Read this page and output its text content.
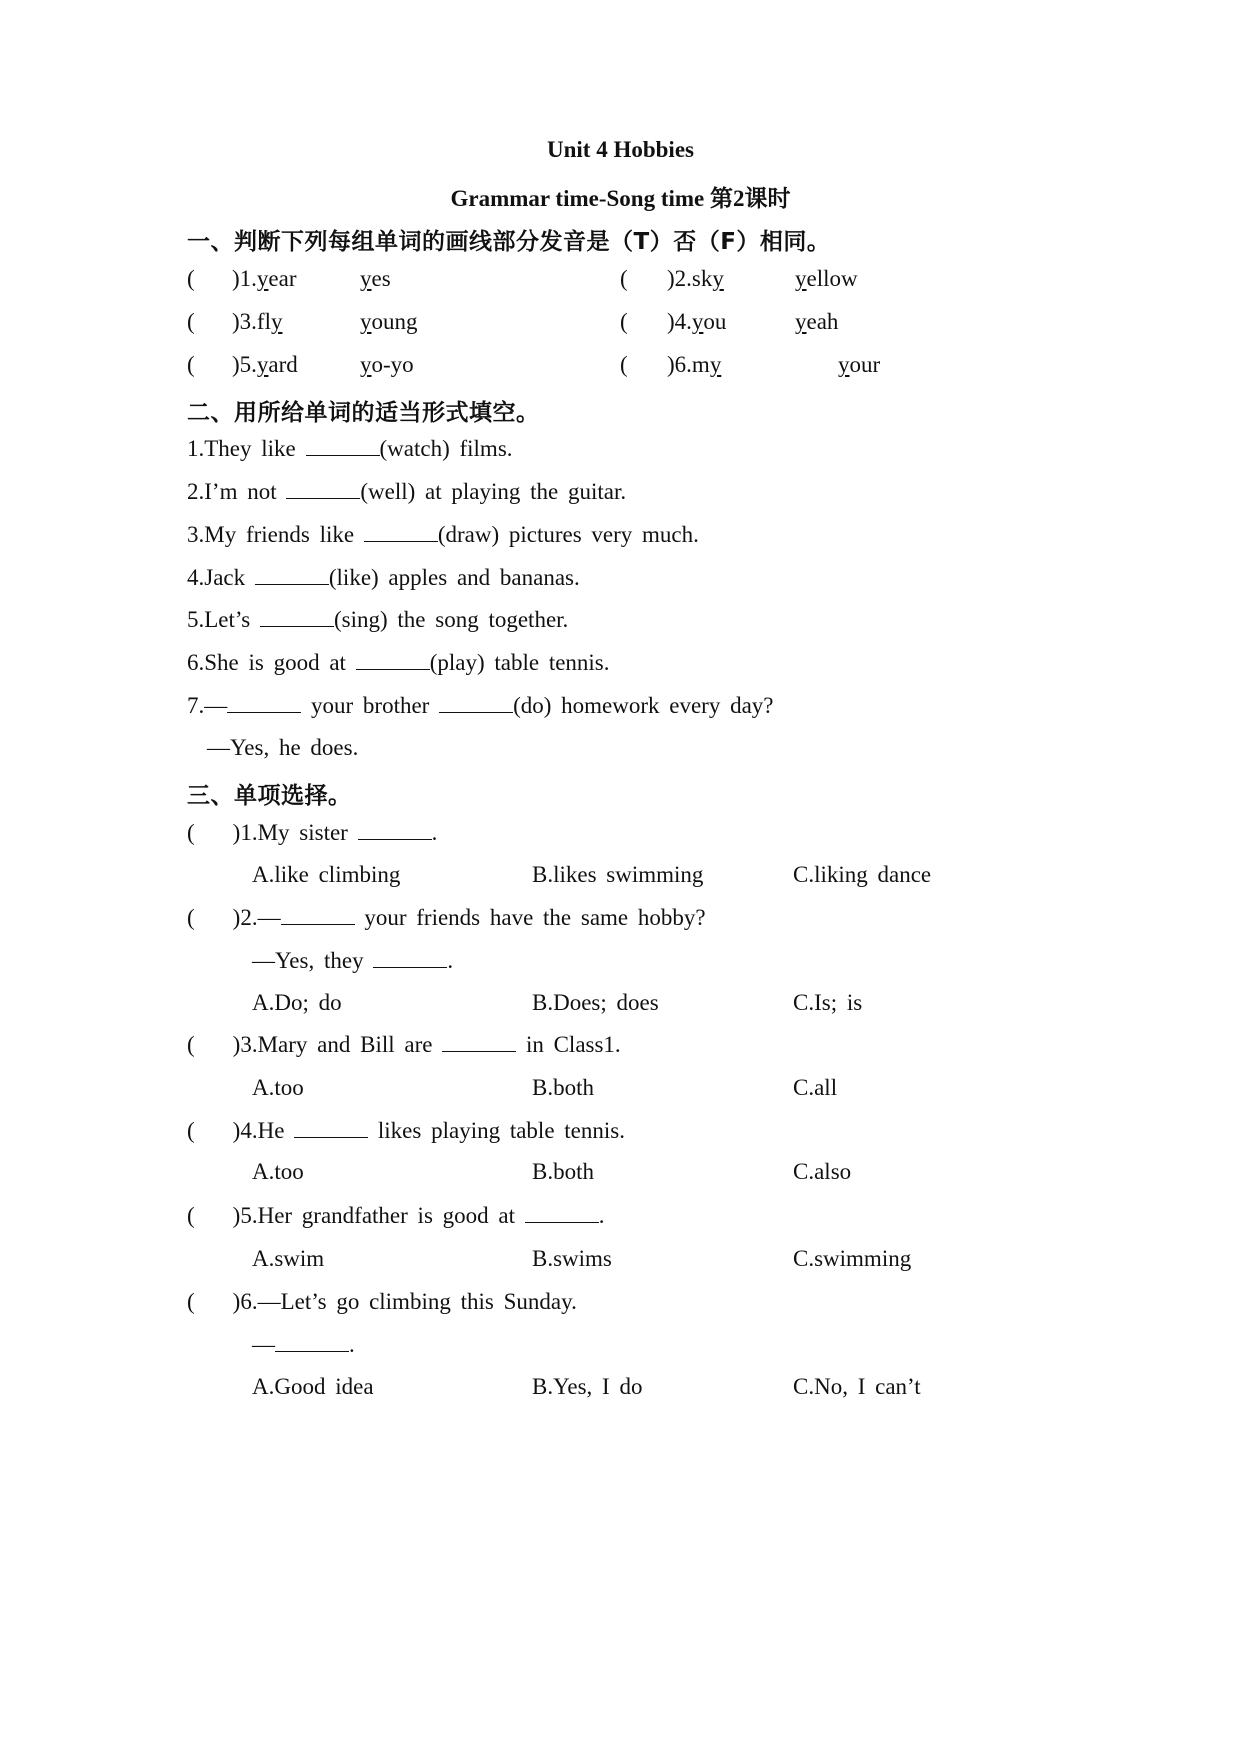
Unit 4 Hobbies
Grammar time-Song time 第2课时
一、判断下列每组单词的画线部分发音是（T）否（F）相同。
( )1.year	yes	( )2.sky	yellow
( )3.fly	young	( )4.you	yeah
( )5.yard	yo-yo	( )6.my	your
二、用所给单词的适当形式填空。
1.They like	(watch) films.
2.I’m not	(well) at playing the guitar.
3.My friends like	(draw) pictures very much.
4.Jack	(like) apples and bananas.
5.Let’s	(sing) the song together.
6.She is good at	(play) table tennis.
7.—	your brother	(do) homework every day?
—Yes, he does.
三、单项选择。
( )1.My sister	.
A.like climbing	B.likes swimming	C.liking dance
( )2.—	your friends have the same hobby?
—Yes, they	.
A.Do; do	B.Does; does	C.Is; is
( )3.Mary and Bill are	in Class1.
A.too	B.both	C.all
( )4.He	likes playing table tennis.
A.too	B.both	C.also
( )5.Her grandfather is good at	.
A.swim	B.swims	C.swimming
( )6.—Let’s go climbing this Sunday.
—	.
A.Good idea	B.Yes, I do	C.No, I can’t
